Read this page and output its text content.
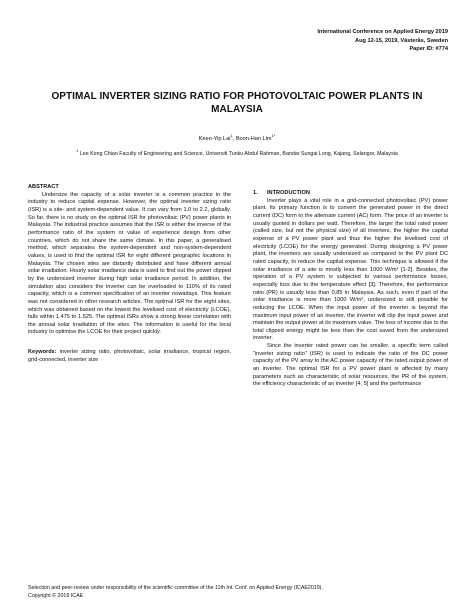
International Conference on Applied Energy 2019
Aug 12-15, 2019, Västerås, Sweden
Paper ID: #774
OPTIMAL INVERTER SIZING RATIO FOR PHOTOVOLTAIC POWER PLANTS IN
MALAYSIA
Keen-Yip Lai$^1$, Boon-Han Lim$^{1*}$
$^1$ Lee Kong Chian Faculty of Engineering and Science, Universiti Tunku Abdul Rahman, Bandar Sungai Long, Kajang, Selangor, Malaysia
ABSTRACT

Undersize the capacity of a solar inverter is a common practice in the industry to reduce capital expense. However, the optimal inverter sizing ratio (ISR) is a site- and system-dependent value. It can vary from 1.0 to 2.2, globally. So far, there is no study on the optimal ISR for photovoltaic (PV) power plants in Malaysia. The industrial practice assumes that the ISR is either the inverse of the performance ratio of the system or value of experience design from other countries, which do not share the same climate. In this paper, a generalised method, which separates the system-dependent and non-system-dependent values, is used to find the optimal ISR for eight different geographic locations in Malaysia. The chosen sites are distantly distributed and have different annual solar irradiation. Hourly solar irradiance data is used to find out the power clipped by the undersized inverter during high solar irradiance period. In addition, the simulation also considers the inverter can be overloaded to 110% of its rated capacity, which is a common specification of an inverter nowadays. This feature was not considered in other research articles. The optimal ISR for the eight sites, which was obtained based on the lowest the levelised cost of electricity (LCOE), falls within 1.475 to 1.525. The optimal ISRs show a strong linear correlation with the annual solar irradiation of the sites. The information is useful for the local industry to optimise the LCOE for their project quickly.

Keywords: inverter sizing ratio, photovoltaic, solar irradiance, tropical region, grid-connected, inverter size

1. INTRODUCTION

Inverter plays a vital role in a grid-connected photovoltaic (PV) power plant. Its primary function is to convert the generated power in the direct current (DC) form to the alternate current (AC) form. The price of an inverter is usually quoted in dollars per watt. Therefore, the larger the total rated power (called size, but not the physical size) of all inverters, the higher the capital expense of a PV power plant and thus the higher the levelised cost of electricity (LCOE) for the energy generated. During designing a PV power plant, the inverters are usually undersized as compared to the PV plant DC rated capacity, to reduce the capital expense. This technique is allowed if the solar irradiance of a site is mostly less than 1000 W/m² [1-2]. Besides, the operation of a PV system is subjected to various performance losses, especially loss due to the temperature effect [3]. Therefore, the performance ratio (PR) is usually less than 0.85 in Malaysia. As such, even if part of the solar irradiance is more than 1000 W/m², undersized is still possible for reducing the LCOE. When the input power of the inverter is beyond the maximum input power of an inverter, the inverter will clip the input power and maintain the output power at its maximum value. The loss of income due to the total clipped energy might be less than the cost saved from the undersized inverter.

Since the inverter rated power can be smaller, a specific term called “inverter sizing ratio” (ISR) is used to indicate the ratio of the DC power capacity of the PV array to the AC power capacity of the rated output power of an inverter. The optimal ISR for a PV power plant is affected by many parameters such as characteristic of solar resources, the PR of the system, the efficiency characteristic of an inverter [4, 5] and the performance

Selection and peer-review under responsibility of the scientific committee of the 11th Int. Conf. on Applied Energy (ICAE2019).
Copyright © 2019 ICAE
